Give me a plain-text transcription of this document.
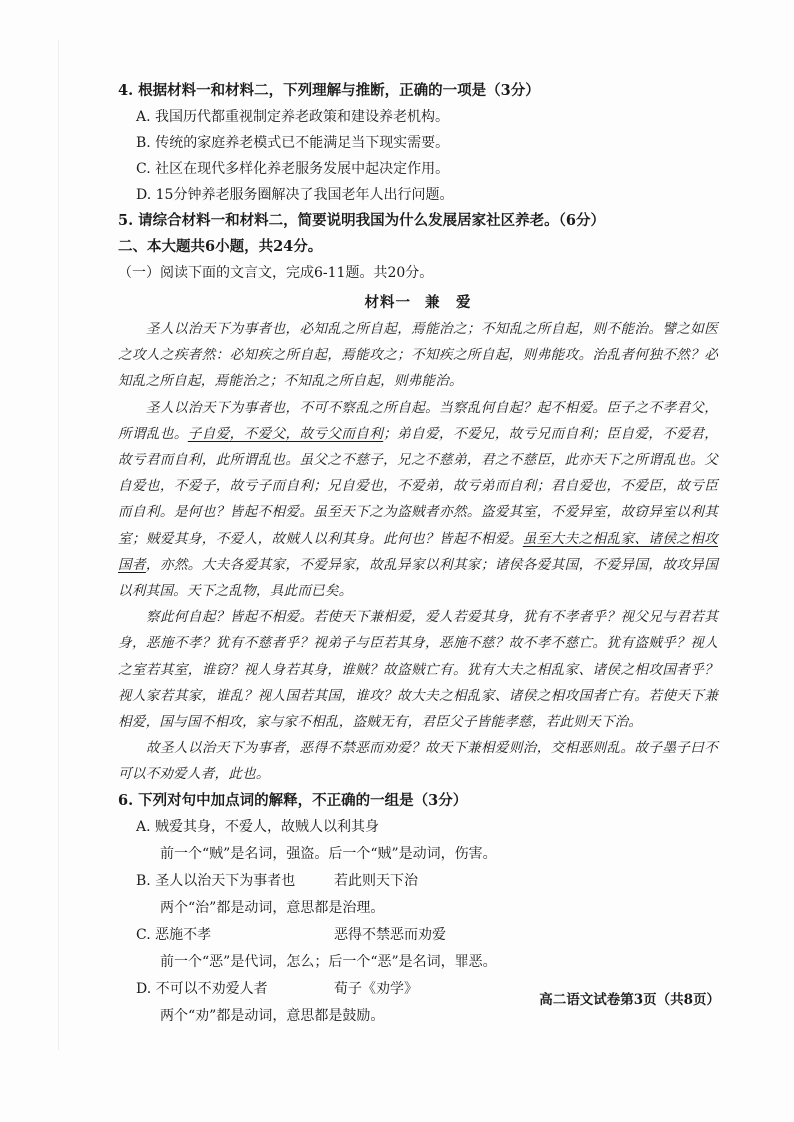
4. 根据材料一和材料二，下列理解与推断，正确的一项是（3分）
A. 我国历代都重视制定养老政策和建设养老机构。
B. 传统的家庭养老模式已不能满足当下现实需要。
C. 社区在现代多样化养老服务发展中起决定作用。
D. 15分钟养老服务圈解决了我国老年人出行问题。
5. 请综合材料一和材料二，简要说明我国为什么发展居家社区养老。（6分）
二、本大题共6小题，共24分。
（一）阅读下面的文言文，完成6-11题。共20分。
材料一 兼　爱

圣人以治天下为事者也，必知乱之所自起，焉能治之；不知乱之所自起，则不能治。譬之如医之攻人之疾者然：必知疾之所自起，焉能攻之；不知疾之所自起，则弗能攻。治乱者何独不然？必知乱之所自起，焉能治之；不知乱之所自起，则弗能治。

圣人以治天下为事者也，不可不察乱之所自起。当察乱何自起？起不相爱。臣子之不孝君父，所谓乱也。子自爱，不爱父，故亏父而自利；弟自爱，不爱兄，故亏兄而自利；臣自爱，不爱君，故亏君而自利，此所谓乱也。虽父之不慈子，兄之不慈弟，君之不慈臣，此亦天下之所谓乱也。父自爱也，不爱子，故亏子而自利；兄自爱也，不爱弟，故亏弟而自利；君自爱也，不爱臣，故亏臣而自利。是何也？皆起不相爱。虽至天下之为盗贼者亦然。盗爱其室，不爱异室，故窃异室以利其室；贼爱其身，不爱人，故贼人以利其身。此何也？皆起不相爱。虽至大夫之相乱家、诸侯之相攻国者，亦然。大夫各爱其家，不爱异家，故乱异家以利其家；诸侯各爱其国，不爱异国，故攻异国以利其国。天下之乱物，具此而已矣。

察此何自起？皆起不相爱。若使天下兼相爱，爱人若爱其身，犹有不孝者乎？视父兄与君若其身，恶施不孝？犹有不慈者乎？视弟子与臣若其身，恶施不慈？故不孝不慈亡。犹有盗贼乎？视人之室若其室，谁窃？视人身若其身，谁贼？故盗贼亡有。犹有大夫之相乱家、诸侯之相攻国者乎？视人家若其家，谁乱？视人国若其国，谁攻？故大夫之相乱家、诸侯之相攻国者亡有。若使天下兼相爱，国与国不相攻，家与家不相乱，盗贼无有，君臣父子皆能孝慈，若此则天下治。

故圣人以治天下为事者，恶得不禁恶而劝爱？故天下兼相爱则治，交相恶则乱。故子墨子曰不可以不劝爱人者，此也。

6. 下列对句中加点词的解释，不正确的一组是（3分）
A. 贼爱其身，不爱人，故贼人以利其身
前一个“贼”是名词，强盗。后一个“贼”是动词，伤害。
B. 圣人以治天下为事者也	若此则天下治
两个“治”都是动词，意思都是治理。
C. 恶施不孝	恶得不禁恶而劝爱
前一个“恶”是代词，怎么；后一个“恶”是名词，罪恶。
D. 不可以不劝爱人者	荀子《劝学》
两个“劝”都是动词，意思都是鼓励。
高二语文试卷第3页（共8页）
